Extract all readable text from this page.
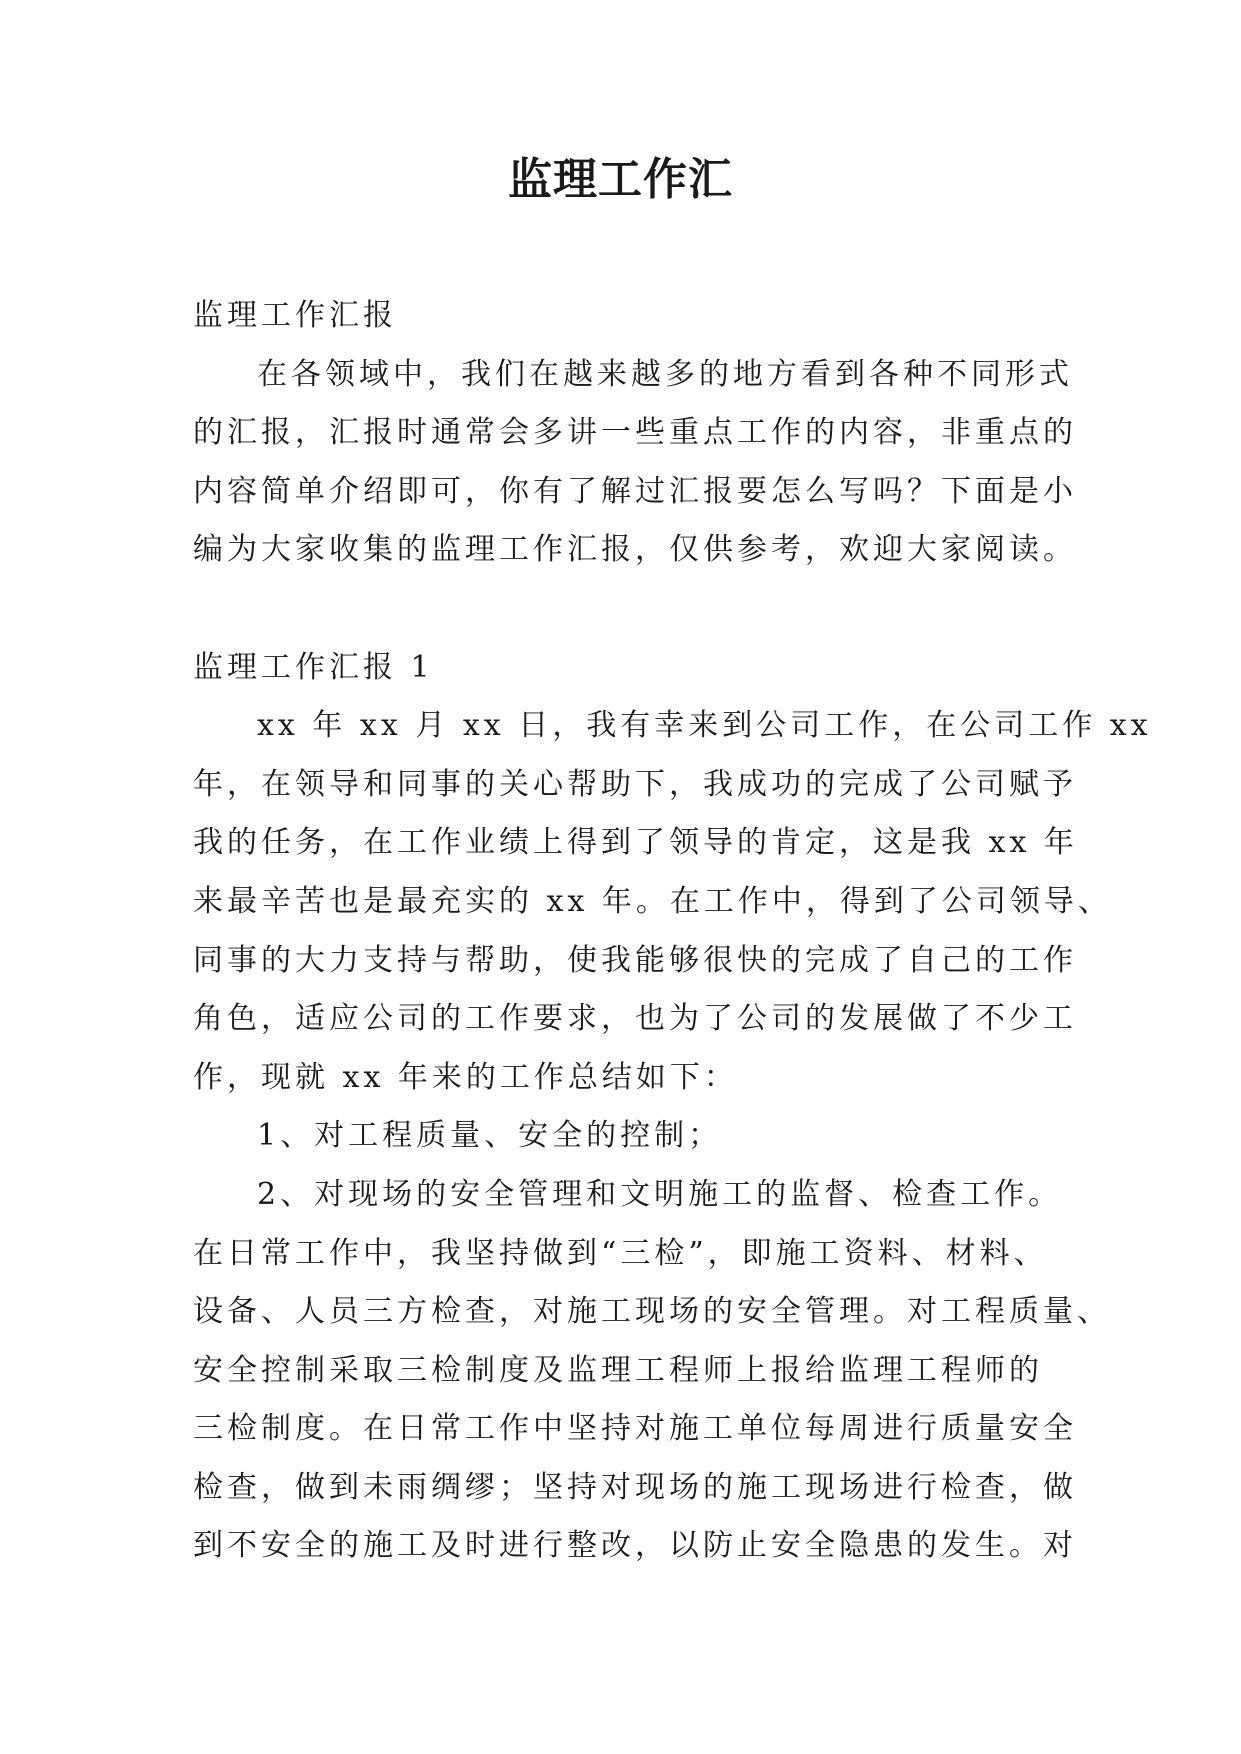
监理工作汇
监理工作汇报
在各领域中，我们在越来越多的地方看到各种不同形式
的汇报，汇报时通常会多讲一些重点工作的内容，非重点的
内容简单介绍即可，你有了解过汇报要怎么写吗？下面是小
编为大家收集的监理工作汇报，仅供参考，欢迎大家阅读。
监理工作汇报 1
xx 年 xx 月 xx 日，我有幸来到公司工作，在公司工作 xx
年，在领导和同事的关心帮助下，我成功的完成了公司赋予
我的任务，在工作业绩上得到了领导的肯定，这是我 xx 年
来最辛苦也是最充实的 xx 年。在工作中，得到了公司领导、
同事的大力支持与帮助，使我能够很快的完成了自己的工作
角色，适应公司的工作要求，也为了公司的发展做了不少工
作，现就 xx 年来的工作总结如下：
1、对工程质量、安全的控制；
2、对现场的安全管理和文明施工的监督、检查工作。
在日常工作中，我坚持做到“三检”，即施工资料、材料、
设备、人员三方检查，对施工现场的安全管理。对工程质量、
安全控制采取三检制度及监理工程师上报给监理工程师的
三检制度。在日常工作中坚持对施工单位每周进行质量安全
检查，做到未雨绸缪；坚持对现场的施工现场进行检查，做
到不安全的施工及时进行整改，以防止安全隐患的发生。对
